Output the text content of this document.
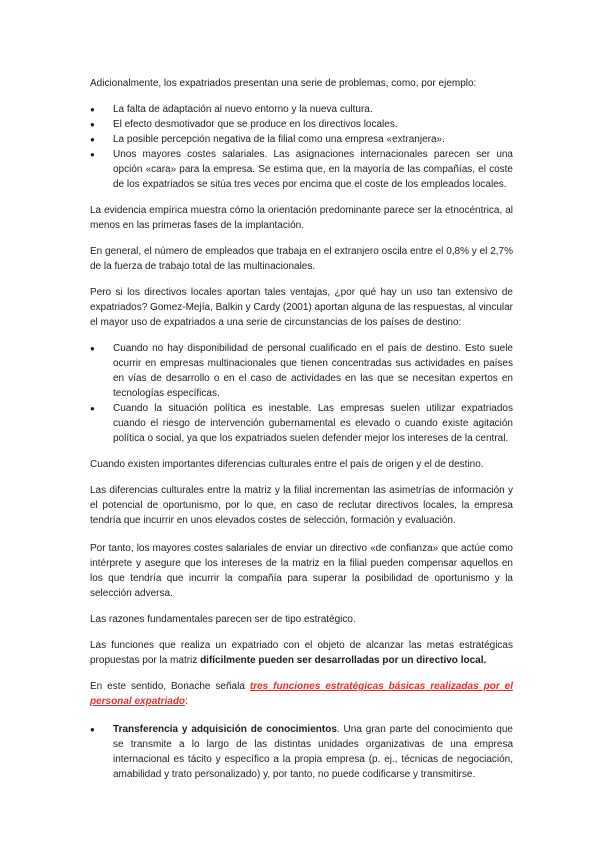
Adicionalmente, los expatriados presentan una serie de problemas, como, por ejemplo:

●	La falta de adaptación al nuevo entorno y la nueva cultura.
●	El efecto desmotivador que se produce en los directivos locales.
●	La posible percepción negativa de la filial como una empresa «extranjera».
●	Unos mayores costes salariales. Las asignaciones internacionales parecen ser una opción «cara» para la empresa. Se estima que, en la mayoría de las compañías, el coste de los expatriados se sitúa tres veces por encima que el coste de los empleados locales.

La evidencia empírica muestra cómo la orientación predominante parece ser la etnocéntrica, al menos en las primeras fases de la implantación.

En general, el número de empleados que trabaja en el extranjero oscila entre el 0,8% y el 2,7% de la fuerza de trabajo total de las multinacionales.

Pero si los directivos locales aportan tales ventajas, ¿por qué hay un uso tan extensivo de expatriados? Gomez-Mejía, Balkin y Cardy (2001) aportan alguna de las respuestas, al vincular el mayor uso de expatriados a una serie de circunstancias de los países de destino:

●	Cuando no hay disponibilidad de personal cualificado en el país de destino. Esto suele ocurrir en empresas multinacionales que tienen concentradas sus actividades en países en vías de desarrollo o en el caso de actividades en las que se necesitan expertos en tecnologías específicas.
●	Cuando la situación política es inestable. Las empresas suelen utilizar expatriados cuando el riesgo de intervención gubernamental es elevado o cuando existe agitación política o social, ya que los expatriados suelen defender mejor los intereses de la central.

Cuando existen importantes diferencias culturales entre el país de origen y el de destino.

Las diferencias culturales entre la matriz y la filial incrementan las asimetrías de información y el potencial de oportunismo, por lo que, en caso de reclutar directivos locales, la empresa tendría que incurrir en unos elevados costes de selección, formación y evaluación.

Por tanto, los mayores costes salariales de enviar un directivo «de confianza» que actúe como intérprete y asegure que los intereses de la matriz en la filial pueden compensar aquellos en los que tendría que incurrir la compañía para superar la posibilidad de oportunismo y la selección adversa.

Las razones fundamentales parecen ser de tipo estratégico.

Las funciones que realiza un expatriado con el objeto de alcanzar las metas estratégicas propuestas por la matriz difícilmente pueden ser desarrolladas por un directivo local.

En este sentido, Bonache señala tres funciones estratégicas básicas realizadas por el personal expatriado:

●	Transferencia y adquisición de conocimientos. Una gran parte del conocimiento que se transmite a lo largo de las distintas unidades organizativas de una empresa internacional es tácito y específico a la propia empresa (p. ej., técnicas de negociación, amabilidad y trato personalizado) y, por tanto, no puede codificarse y transmitirse.
